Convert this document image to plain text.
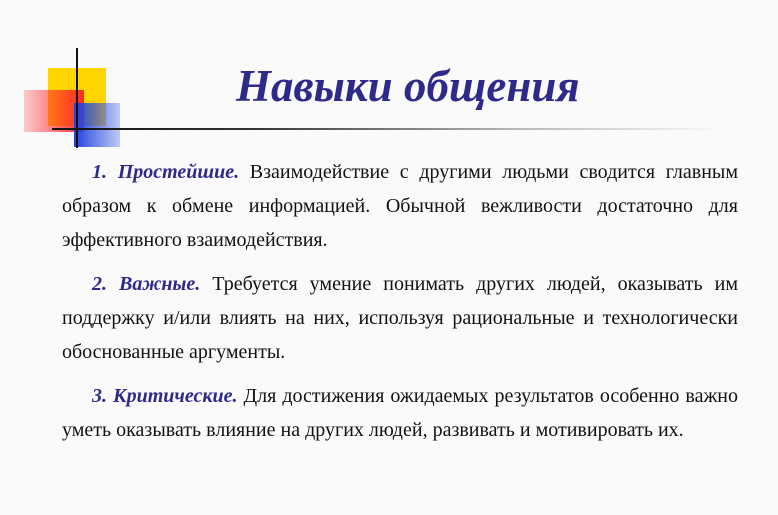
Навыки общения

1. Простейшие. Взаимодействие с другими людьми сводится главным образом к обмене информацией. Обычной вежливости достаточно для эффективного взаимодействия.

2. Важные. Требуется умение понимать других людей, оказывать им поддержку и/или влиять на них, используя рациональные и технологически обоснованные аргументы.

3. Критические. Для достижения ожидаемых результатов особенно важно уметь оказывать влияние на других людей, развивать и мотивировать их.
